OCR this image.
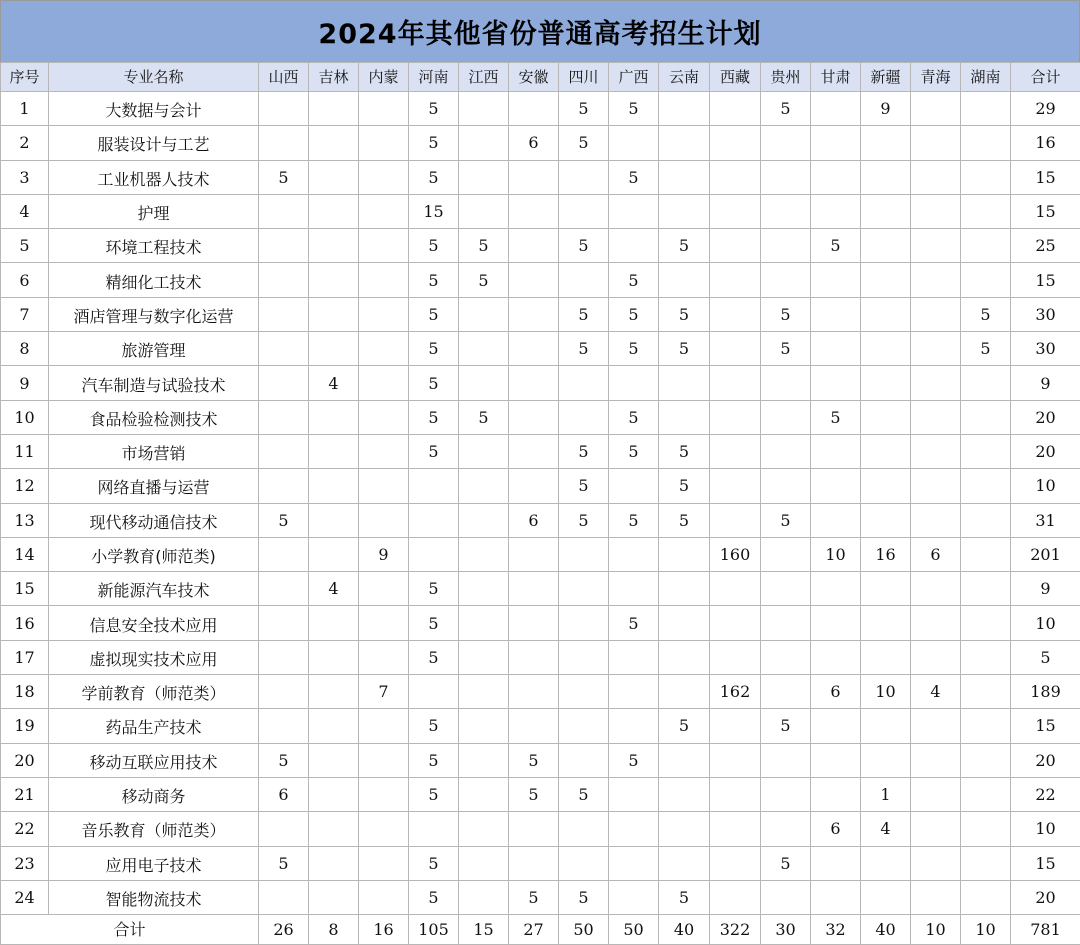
2024年其他省份普通高考招生计划
序号	专业名称	山西	吉林	内蒙	河南	江西	安徽	四川	广西	云南	西藏	贵州	甘肃	新疆	青海	湖南	合计
1	大数据与会计				5			5	5			5		9			29
2	服装设计与工艺				5		6	5									16
3	工业机器人技术	5			5				5								15
4	护理				15												15
5	环境工程技术				5	5		5		5			5				25
6	精细化工技术				5	5			5								15
7	酒店管理与数字化运营				5			5	5	5		5				5	30
8	旅游管理				5			5	5	5		5				5	30
9	汽车制造与试验技术		4		5												9
10	食品检验检测技术				5	5			5				5				20
11	市场营销				5			5	5	5							20
12	网络直播与运营							5		5							10
13	现代移动通信技术	5					6	5	5	5		5					31
14	小学教育(师范类)			9							160		10	16	6		201
15	新能源汽车技术		4		5												9
16	信息安全技术应用				5				5								10
17	虚拟现实技术应用				5												5
18	学前教育（师范类）			7							162		6	10	4		189
19	药品生产技术				5					5		5					15
20	移动互联应用技术	5			5		5		5								20
21	移动商务	6			5		5	5						1			22
22	音乐教育（师范类）												6	4			10
23	应用电子技术	5			5							5					15
24	智能物流技术				5		5	5		5							20
合计		26	8	16	105	15	27	50	50	40	322	30	32	40	10	10	781
